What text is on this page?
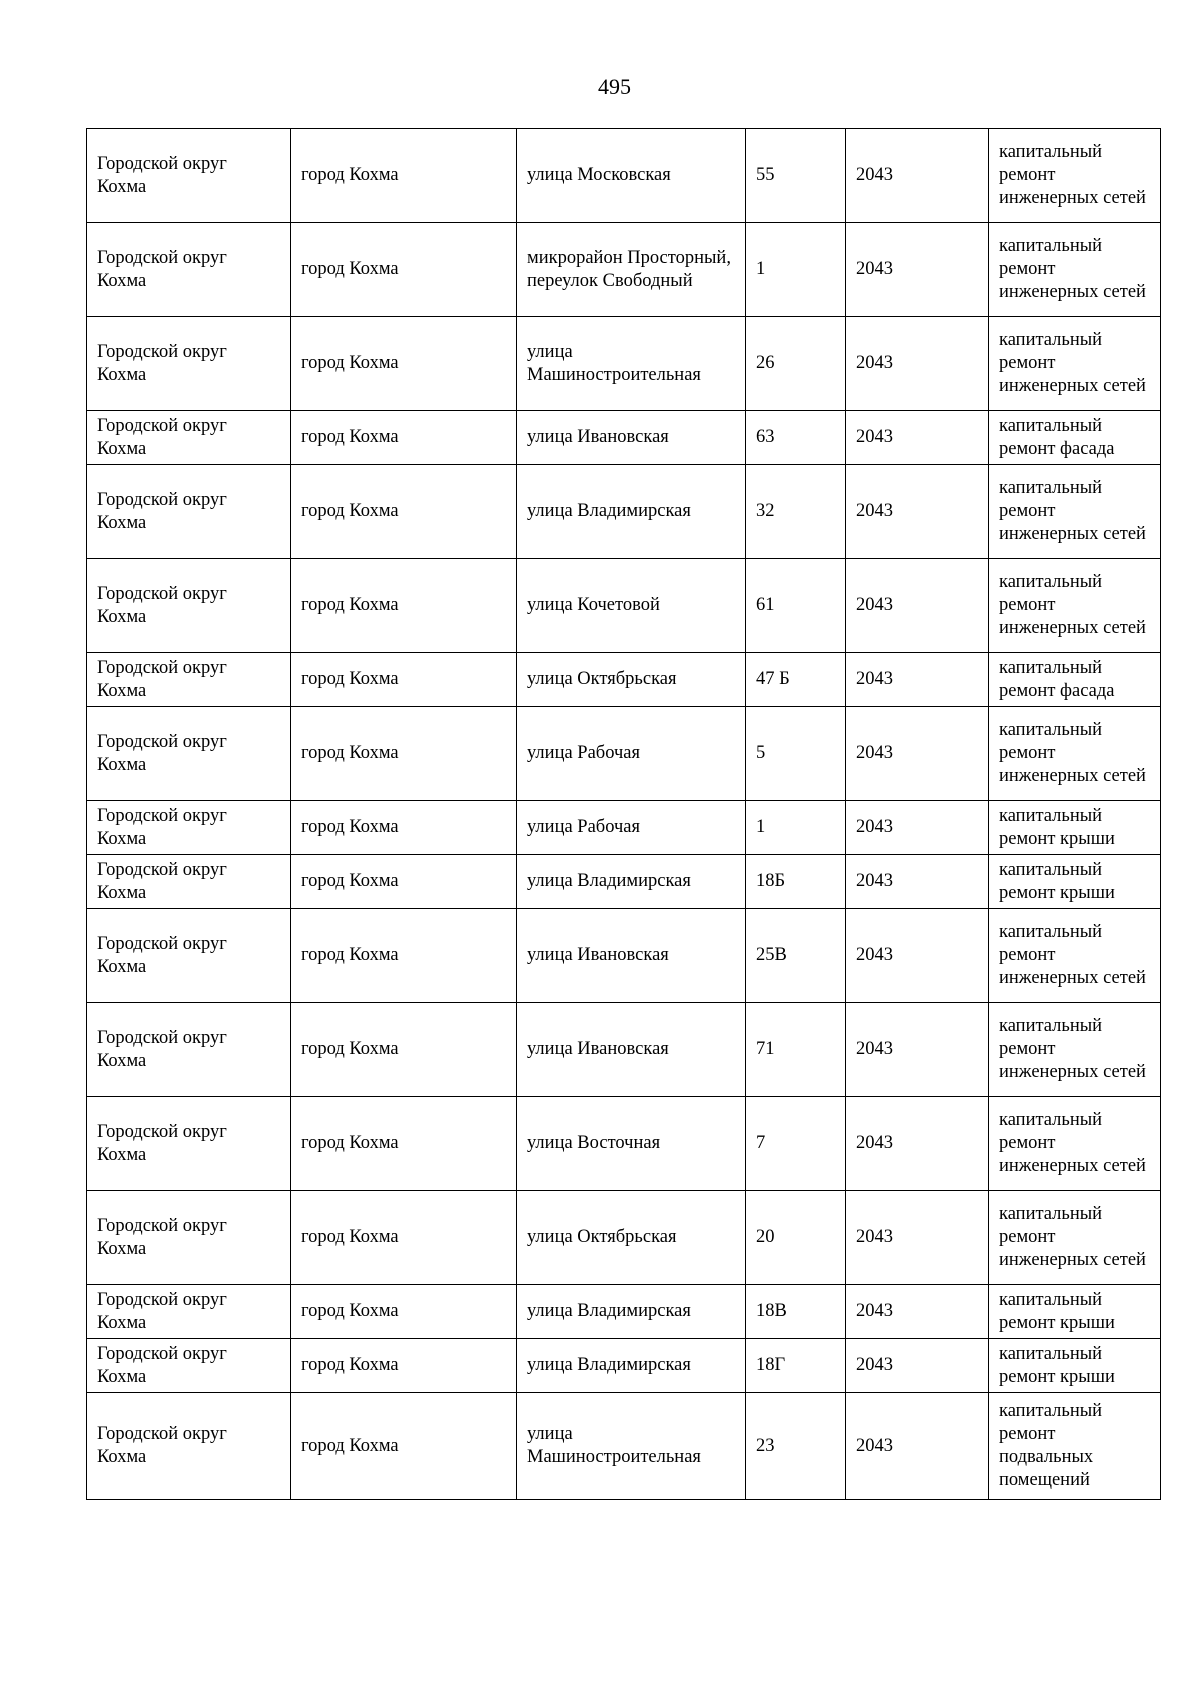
495
Городской округ Кохма	город Кохма	улица Московская	55	2043	капитальный ремонт инженерных сетей
Городской округ Кохма	город Кохма	микрорайон Просторный, переулок Свободный	1	2043	капитальный ремонт инженерных сетей
Городской округ Кохма	город Кохма	улица Машиностроительная	26	2043	капитальный ремонт инженерных сетей
Городской округ Кохма	город Кохма	улица Ивановская	63	2043	капитальный ремонт фасада
Городской округ Кохма	город Кохма	улица Владимирская	32	2043	капитальный ремонт инженерных сетей
Городской округ Кохма	город Кохма	улица Кочетовой	61	2043	капитальный ремонт инженерных сетей
Городской округ Кохма	город Кохма	улица Октябрьская	47 Б	2043	капитальный ремонт фасада
Городской округ Кохма	город Кохма	улица Рабочая	5	2043	капитальный ремонт инженерных сетей
Городской округ Кохма	город Кохма	улица Рабочая	1	2043	капитальный ремонт крыши
Городской округ Кохма	город Кохма	улица Владимирская	18Б	2043	капитальный ремонт крыши
Городской округ Кохма	город Кохма	улица Ивановская	25В	2043	капитальный ремонт инженерных сетей
Городской округ Кохма	город Кохма	улица Ивановская	71	2043	капитальный ремонт инженерных сетей
Городской округ Кохма	город Кохма	улица Восточная	7	2043	капитальный ремонт инженерных сетей
Городской округ Кохма	город Кохма	улица Октябрьская	20	2043	капитальный ремонт инженерных сетей
Городской округ Кохма	город Кохма	улица Владимирская	18В	2043	капитальный ремонт крыши
Городской округ Кохма	город Кохма	улица Владимирская	18Г	2043	капитальный ремонт крыши
Городской округ Кохма	город Кохма	улица Машиностроительная	23	2043	капитальный ремонт подвальных помещений
